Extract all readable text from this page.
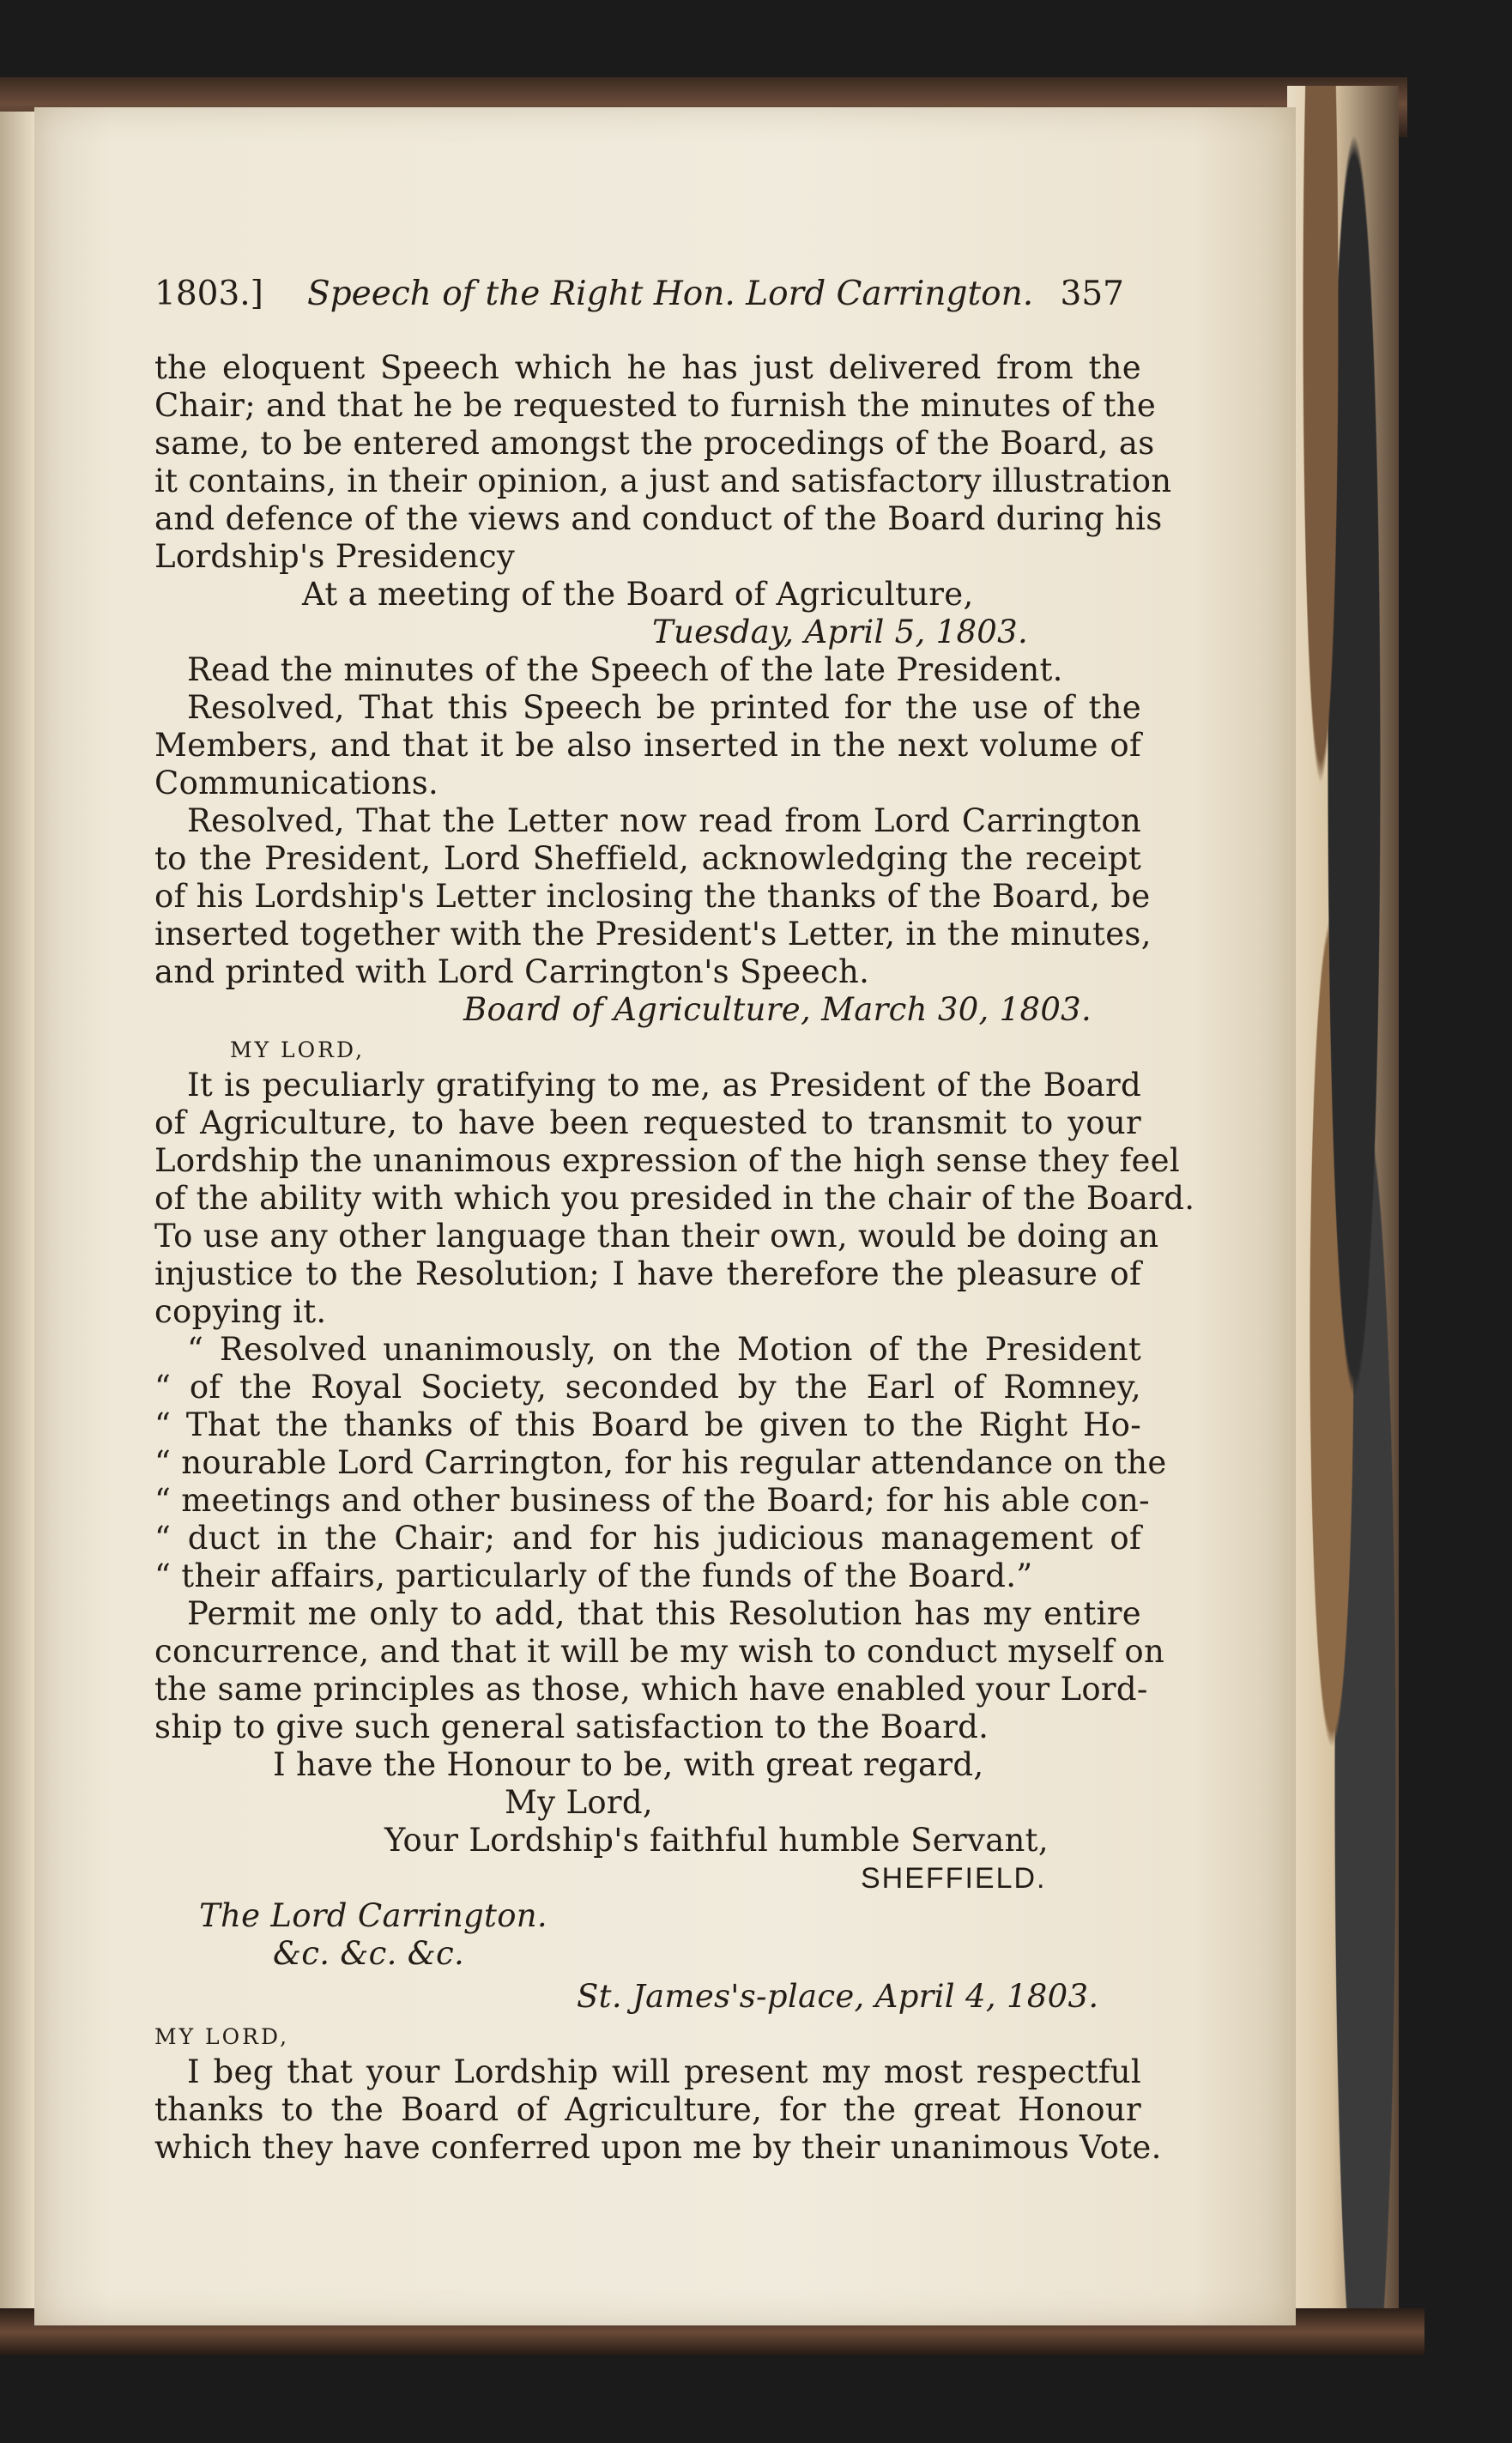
1803.] Speech of the Right Hon. Lord Carrington. 357

the eloquent Speech which he has just delivered from the

Chair; and that he be requested to furnish the minutes of the

same, to be entered amongst the procedings of the Board, as

it contains, in their opinion, a just and satisfactory illustration

and defence of the views and conduct of the Board during his

Lordship's Presidency

At a meeting of the Board of Agriculture,

Tuesday, April 5, 1803.

Read the minutes of the Speech of the late President.

Resolved, That this Speech be printed for the use of the

Members, and that it be also inserted in the next volume of

Communications.

Resolved, That the Letter now read from Lord Carrington

to the President, Lord Sheffield, acknowledging the receipt

of his Lordship's Letter inclosing the thanks of the Board, be

inserted together with the President's Letter, in the minutes,

and printed with Lord Carrington's Speech.

Board of Agriculture, March 30, 1803.

MY LORD,

It is peculiarly gratifying to me, as President of the Board

of Agriculture, to have been requested to transmit to your

Lordship the unanimous expression of the high sense they feel

of the ability with which you presided in the chair of the Board.

To use any other language than their own, would be doing an

injustice to the Resolution; I have therefore the pleasure of

copying it.

“ Resolved unanimously, on the Motion of the President

“ of the Royal Society, seconded by the Earl of Romney,

“ That the thanks of this Board be given to the Right Ho-

“ nourable Lord Carrington, for his regular attendance on the

“ meetings and other business of the Board; for his able con-

“ duct in the Chair; and for his judicious management of

“ their affairs, particularly of the funds of the Board.”

Permit me only to add, that this Resolution has my entire

concurrence, and that it will be my wish to conduct myself on

the same principles as those, which have enabled your Lord-

ship to give such general satisfaction to the Board.

I have the Honour to be, with great regard,

My Lord,

Your Lordship's faithful humble Servant,

SHEFFIELD.

The Lord Carrington.

&c. &c. &c.

St. James's-place, April 4, 1803.

MY LORD,

I beg that your Lordship will present my most respectful

thanks to the Board of Agriculture, for the great Honour

which they have conferred upon me by their unanimous Vote.
